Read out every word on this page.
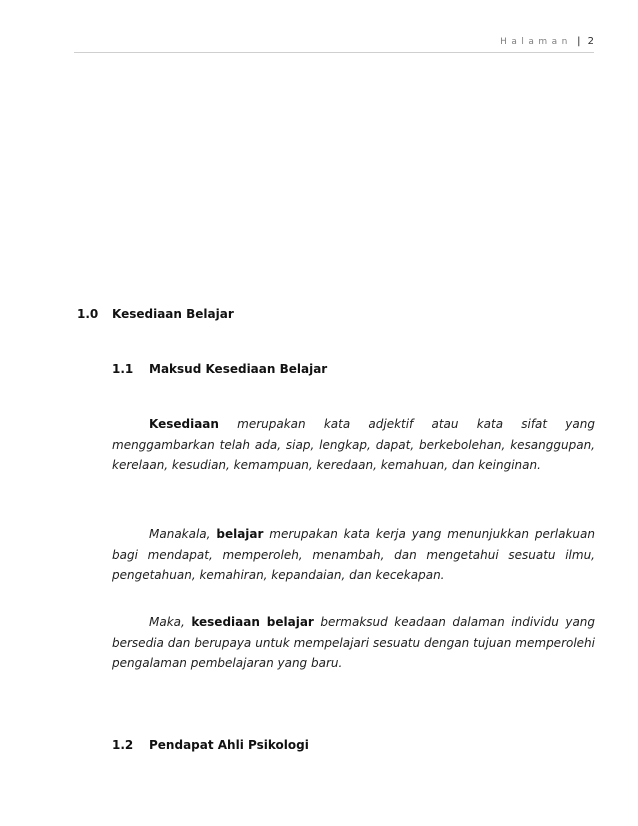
Halaman | 2
1.0 Kesediaan Belajar
1.1 Maksud Kesediaan Belajar
Kesediaan merupakan kata adjektif atau kata sifat yang menggambarkan telah ada, siap, lengkap, dapat, berkebolehan, kesanggupan, kerelaan, kesudian, kemampuan, keredaan, kemahuan, dan keinginan.
Manakala, belajar merupakan kata kerja yang menunjukkan perlakuan bagi mendapat, memperoleh, menambah, dan mengetahui sesuatu ilmu, pengetahuan, kemahiran, kepandaian, dan kecekapan.
Maka, kesediaan belajar bermaksud keadaan dalaman individu yang bersedia dan berupaya untuk mempelajari sesuatu dengan tujuan memperolehi pengalaman pembelajaran yang baru.
1.2 Pendapat Ahli Psikologi
